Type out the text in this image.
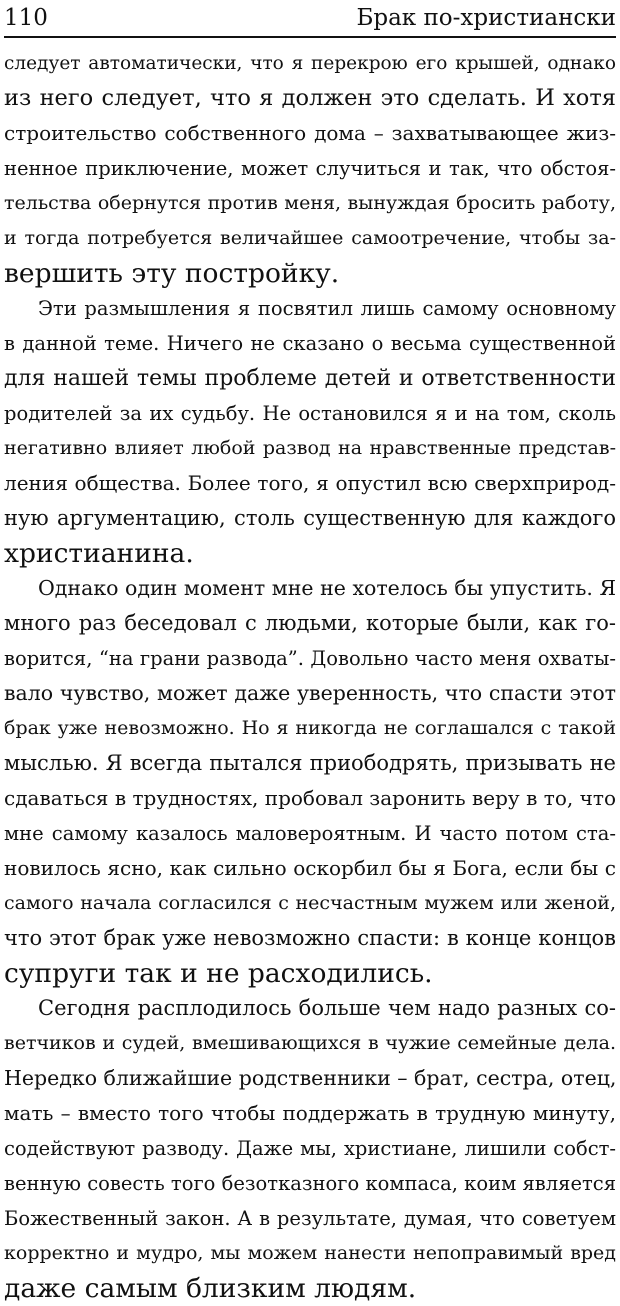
110	Брак по-христиански
следует автоматически, что я перекрою его крышей, однако
из него следует, что я должен это сделать. И хотя
строительство собственного дома – захватывающее жиз-
ненное приключение, может случиться и так, что обстоя-
тельства обернутся против меня, вынуждая бросить работу,
и тогда потребуется величайшее самоотречение, чтобы за-
вершить эту постройку.
Эти размышления я посвятил лишь самому основному
в данной теме. Ничего не сказано о весьма существенной
для нашей темы проблеме детей и ответственности
родителей за их судьбу. Не остановился я и на том, сколь
негативно влияет любой развод на нравственные представ-
ления общества. Более того, я опустил всю сверхприрод-
ную аргументацию, столь существенную для каждого
христианина.
Однако один момент мне не хотелось бы упустить. Я
много раз беседовал с людьми, которые были, как го-
ворится, “на грани развода”. Довольно часто меня охваты-
вало чувство, может даже уверенность, что спасти этот
брак уже невозможно. Но я никогда не соглашался с такой
мыслью. Я всегда пытался приободрять, призывать не
сдаваться в трудностях, пробовал заронить веру в то, что
мне самому казалось маловероятным. И часто потом ста-
новилось ясно, как сильно оскорбил бы я Бога, если бы с
самого начала согласился с несчастным мужем или женой,
что этот брак уже невозможно спасти: в конце концов
супруги так и не расходились.
Сегодня расплодилось больше чем надо разных со-
ветчиков и судей, вмешивающихся в чужие семейные дела.
Нередко ближайшие родственники – брат, сестра, отец,
мать – вместо того чтобы поддержать в трудную минуту,
содействуют разводу. Даже мы, христиане, лишили собст-
венную совесть того безотказного компаса, коим является
Божественный закон. А в результате, думая, что советуем
корректно и мудро, мы можем нанести непоправимый вред
даже самым близким людям.
